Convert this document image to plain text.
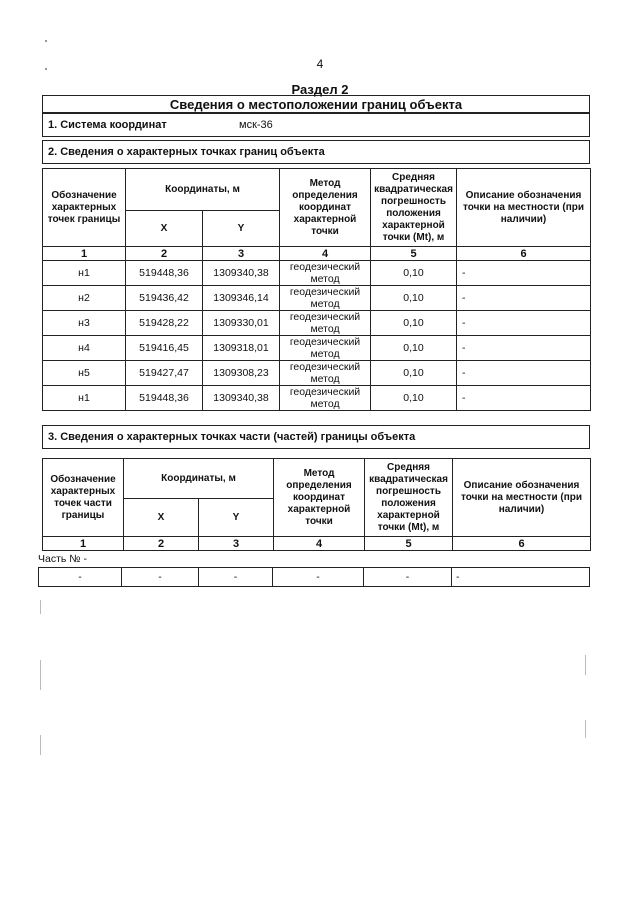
4
Раздел 2
Сведения о местоположении границ объекта
1. Система координат	мск-36
2. Сведения о характерных точках границ объекта
Обозначение характерных точек границы	Координаты, м		Метод определения координат характерной точки	Средняя квадратическая погрешность положения характерной точки (Mt), м	Описание обозначения точки на местности (при наличии)
	X	Y			
1	2	3	4	5	6
н1	519448,36	1309340,38	геодезический метод	0,10	-
н2	519436,42	1309346,14	геодезический метод	0,10	-
н3	519428,22	1309330,01	геодезический метод	0,10	-
н4	519416,45	1309318,01	геодезический метод	0,10	-
н5	519427,47	1309308,23	геодезический метод	0,10	-
н1	519448,36	1309340,38	геодезический метод	0,10	-
3. Сведения о характерных точках части (частей) границы объекта
Обозначение характерных точек части границы	Координаты, м		Метод определения координат характерной точки	Средняя квадратическая погрешность положения характерной точки (Mt), м	Описание обозначения точки на местности (при наличии)
	X	Y			
1	2	3	4	5	6
Часть № -
-	-	-	-	-	-
